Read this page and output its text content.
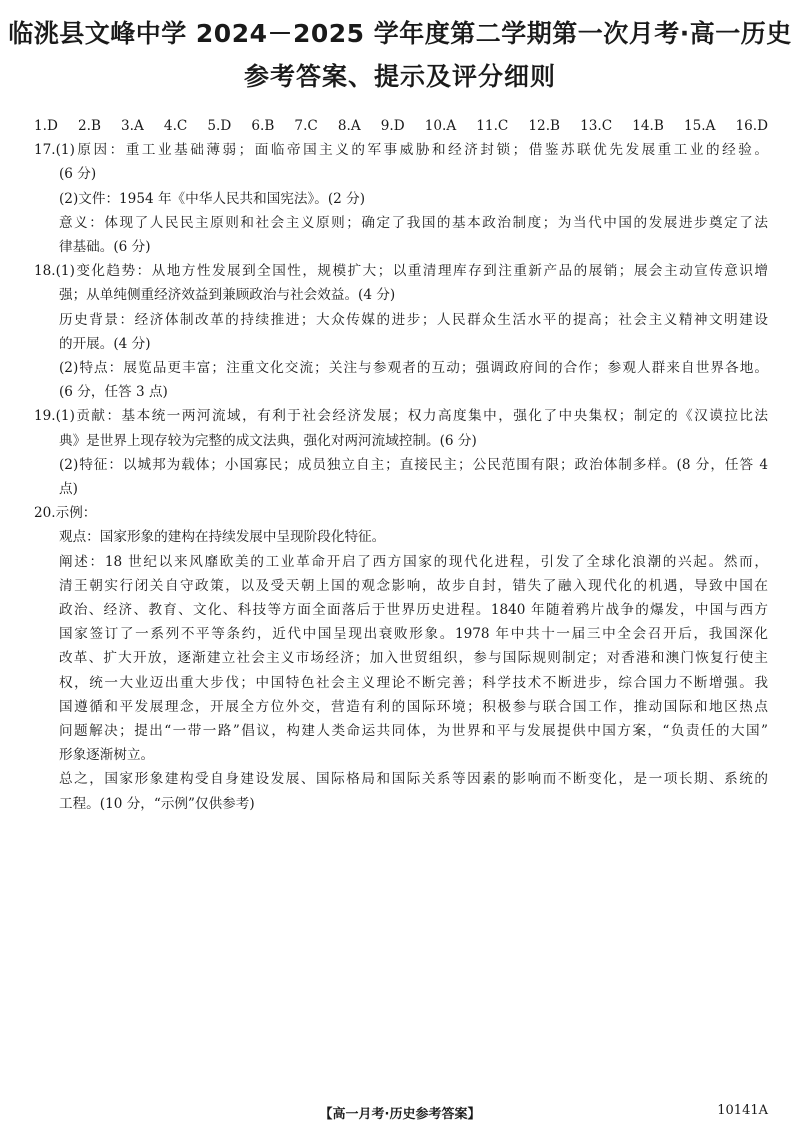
临洮县文峰中学 2024－2025 学年度第二学期第一次月考·高一历史
参考答案、提示及评分细则

1.D　2.B　3.A　4.C　5.D　6.B　7.C　8.A　9.D　10.A　11.C　12.B　13.C　14.B　15.A　16.D

17.(1)原因：重工业基础薄弱；面临帝国主义的军事威胁和经济封锁；借鉴苏联优先发展重工业的经验。

(6 分)

(2)文件：1954 年《中华人民共和国宪法》。(2 分)

意义：体现了人民民主原则和社会主义原则；确定了我国的基本政治制度；为当代中国的发展进步奠定了法

律基础。(6 分)

18.(1)变化趋势：从地方性发展到全国性，规模扩大；以重清理库存到注重新产品的展销；展会主动宣传意识增

强；从单纯侧重经济效益到兼顾政治与社会效益。(4 分)

历史背景：经济体制改革的持续推进；大众传媒的进步；人民群众生活水平的提高；社会主义精神文明建设

的开展。(4 分)

(2)特点：展览品更丰富；注重文化交流；关注与参观者的互动；强调政府间的合作；参观人群来自世界各地。

(6 分，任答 3 点)

19.(1)贡献：基本统一两河流域，有利于社会经济发展；权力高度集中，强化了中央集权；制定的《汉谟拉比法

典》是世界上现存较为完整的成文法典，强化对两河流域控制。(6 分)

(2)特征：以城邦为载体；小国寡民；成员独立自主；直接民主；公民范围有限；政治体制多样。(8 分，任答 4

点)

20.示例：

观点：国家形象的建构在持续发展中呈现阶段化特征。

阐述：18 世纪以来风靡欧美的工业革命开启了西方国家的现代化进程，引发了全球化浪潮的兴起。然而，

清王朝实行闭关自守政策，以及受天朝上国的观念影响，故步自封，错失了融入现代化的机遇，导致中国在

政治、经济、教育、文化、科技等方面全面落后于世界历史进程。1840 年随着鸦片战争的爆发，中国与西方

国家签订了一系列不平等条约，近代中国呈现出衰败形象。1978 年中共十一届三中全会召开后，我国深化

改革、扩大开放，逐渐建立社会主义市场经济；加入世贸组织，参与国际规则制定；对香港和澳门恢复行使主

权，统一大业迈出重大步伐；中国特色社会主义理论不断完善；科学技术不断进步，综合国力不断增强。我

国遵循和平发展理念，开展全方位外交，营造有利的国际环境；积极参与联合国工作，推动国际和地区热点

问题解决；提出“一带一路”倡议，构建人类命运共同体，为世界和平与发展提供中国方案，“负责任的大国”

形象逐渐树立。

总之，国家形象建构受自身建设发展、国际格局和国际关系等因素的影响而不断变化，是一项长期、系统的

工程。(10 分，“示例”仅供参考)

【高一月考·历史参考答案】	10141A
